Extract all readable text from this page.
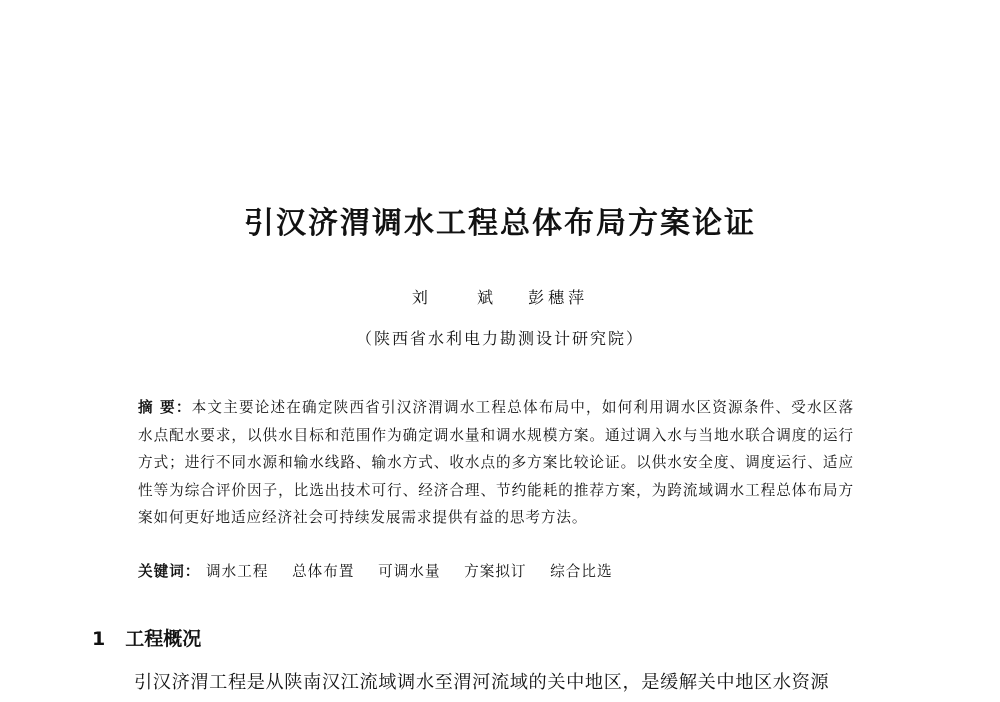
引汉济渭调水工程总体布局方案论证
刘 斌 彭穗萍
（陕西省水利电力勘测设计研究院）
摘 要：本文主要论述在确定陕西省引汉济渭调水工程总体布局中，如何利用调水区资源条件、受水区落水点配水要求，以供水目标和范围作为确定调水量和调水规模方案。通过调入水与当地水联合调度的运行方式；进行不同水源和输水线路、输水方式、收水点的多方案比较论证。以供水安全度、调度运行、适应性等为综合评价因子，比选出技术可行、经济合理、节约能耗的推荐方案，为跨流域调水工程总体布局方案如何更好地适应经济社会可持续发展需求提供有益的思考方法。
关键词： 调水工程 总体布置 可调水量 方案拟订 综合比选
1 工程概况
引汉济渭工程是从陕南汉江流域调水至渭河流域的关中地区，是缓解关中地区水资源
